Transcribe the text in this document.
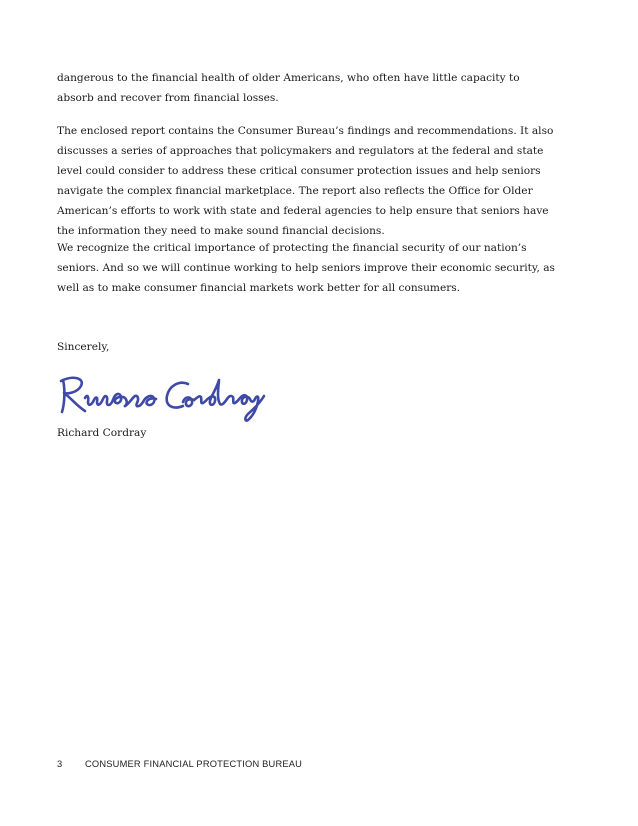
dangerous to the financial health of older Americans, who often have little capacity to absorb and recover from financial losses.

The enclosed report contains the Consumer Bureau’s findings and recommendations. It also discusses a series of approaches that policymakers and regulators at the federal and state level could consider to address these critical consumer protection issues and help seniors navigate the complex financial marketplace. The report also reflects the Office for Older American’s efforts to work with state and federal agencies to help ensure that seniors have the information they need to make sound financial decisions.

We recognize the critical importance of protecting the financial security of our nation’s seniors. And so we will continue working to help seniors improve their economic security, as well as to make consumer financial markets work better for all consumers.

Sincerely,

Richard Cordray

3	CONSUMER FINANCIAL PROTECTION BUREAU
